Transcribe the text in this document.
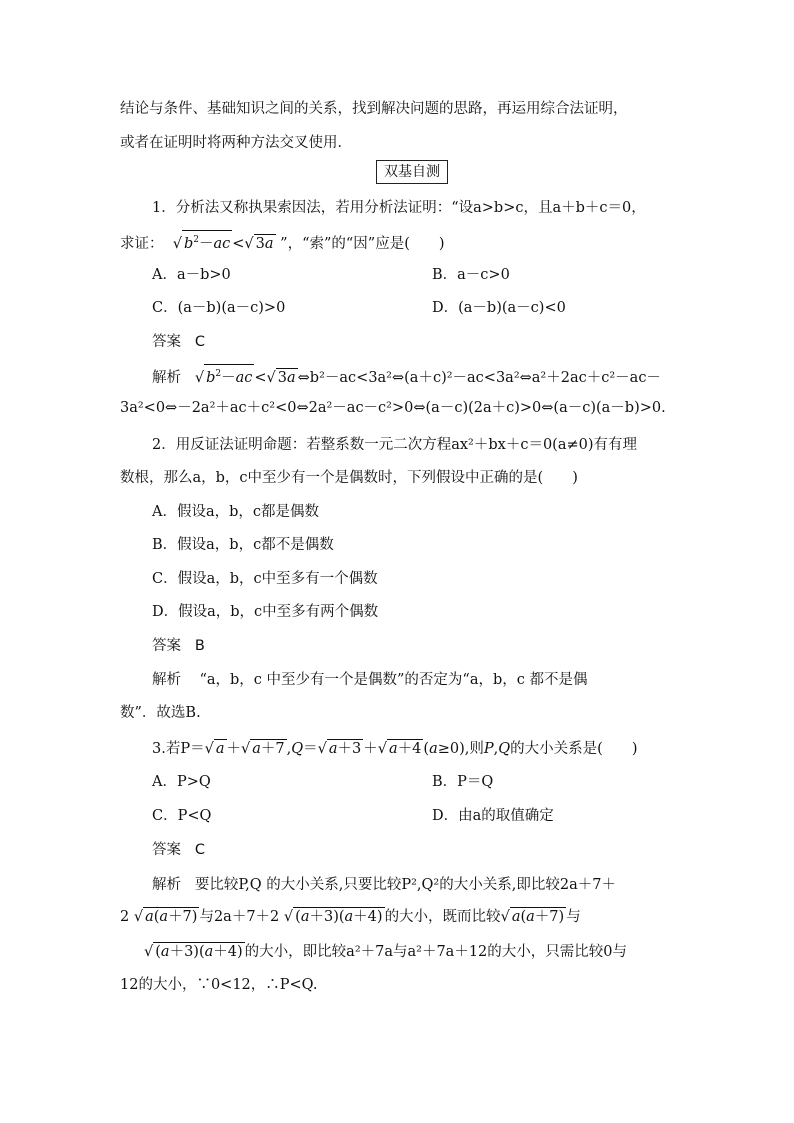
结论与条件、基础知识之间的关系，找到解决问题的思路，再运用综合法证明，
或者在证明时将两种方法交叉使用．
双基自测
1．分析法又称执果索因法，若用分析法证明：“设a>b>c，且a＋b＋c＝0，
求证：  √ $b^2-ac$ <√ 3a ”，“索”的“因”应是(　　)
A．a－b>0	B．a－c>0
C．(a－b)(a－c)>0	D．(a－b)(a－c)<0
答案 C
解析 √ $b^2-ac$ <√ 3a ⇔b²－ac<3a²⇔(a＋c)²－ac<3a²⇔a²＋2ac＋c²－ac－
3a²<0⇔－2a²＋ac＋c²<0⇔2a²－ac－c²>0⇔(a－c)(2a＋c)>0⇔(a－c)(a－b)>0.
2．用反证法证明命题：若整系数一元二次方程ax²＋bx＋c＝0(a≠0)有有理
数根，那么a，b，c中至少有一个是偶数时，下列假设中正确的是(　　)
A．假设a，b，c都是偶数
B．假设a，b，c都不是偶数
C．假设a，b，c中至多有一个偶数
D．假设a，b，c中至多有两个偶数
答案 B
解析 “a，b，c 中至少有一个是偶数”的否定为“a，b，c 都不是偶
数”．故选B.
3.若P＝√ a ＋√ a＋7 ,Q＝√ a＋3 ＋√ a＋4 (a≥0),则P,Q的大小关系是(　　)
A．P>Q	B．P＝Q
C．P<Q	D．由a的取值确定
答案 C
解析 要比较P,Q 的大小关系,只要比较P²,Q²的大小关系,即比较2a＋7＋
2 √ a(a＋7) 与2a＋7＋2 √ (a＋3)(a＋4) 的大小，既而比较√ a(a＋7) 与
√ (a＋3)(a＋4) 的大小，即比较a²＋7a与a²＋7a＋12的大小，只需比较0与
12的大小，∵0<12，∴P<Q.
